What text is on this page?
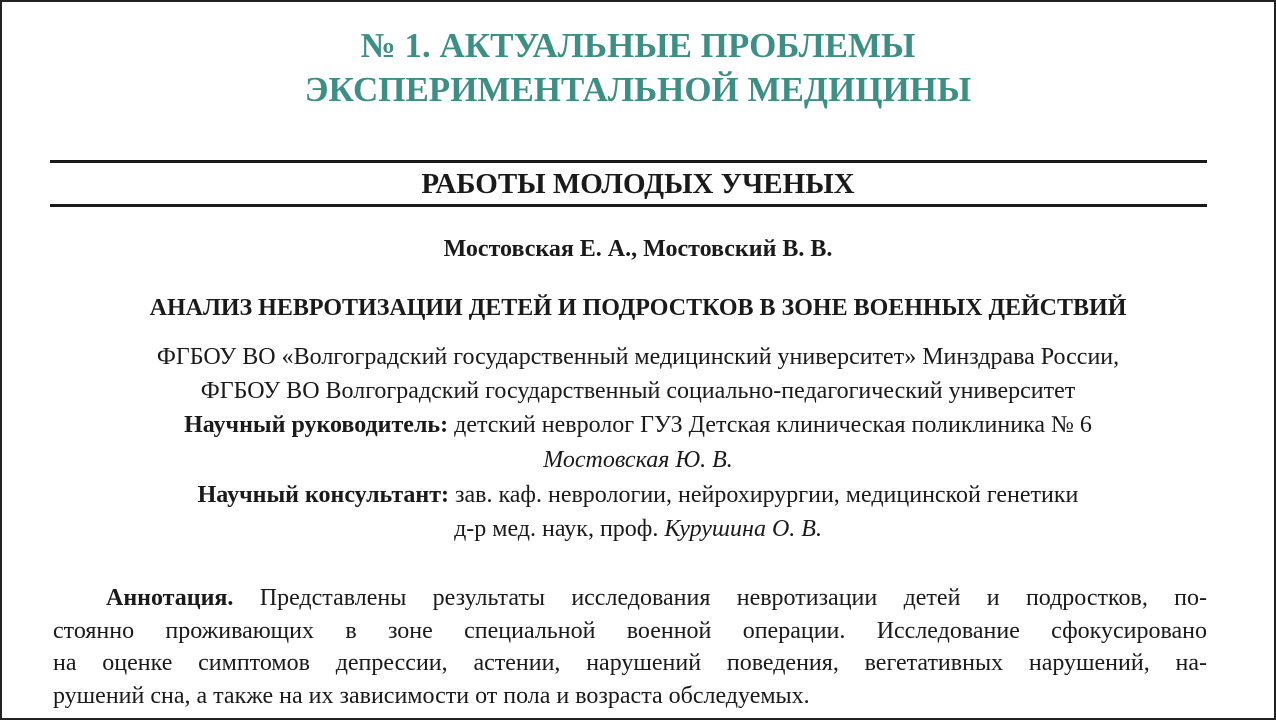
№ 1. АКТУАЛЬНЫЕ ПРОБЛЕМЫ
ЭКСПЕРИМЕНТАЛЬНОЙ МЕДИЦИНЫ
РАБОТЫ МОЛОДЫХ УЧЕНЫХ
Мостовская Е. А., Мостовский В. В.
АНАЛИЗ НЕВРОТИЗАЦИИ ДЕТЕЙ И ПОДРОСТКОВ В ЗОНЕ ВОЕННЫХ ДЕЙСТВИЙ
ФГБОУ ВО «Волгоградский государственный медицинский университет» Минздрава России,
ФГБОУ ВО Волгоградский государственный социально-педагогический университет
Научный руководитель: детский невролог ГУЗ Детская клиническая поликлиника № 6
Мостовская Ю. В.
Научный консультант: зав. каф. неврологии, нейрохирургии, медицинской генетики
д-р мед. наук, проф. Курушина О. В.
Аннотация. Представлены результаты исследования невротизации детей и подростков, по-
стоянно проживающих в зоне специальной военной операции. Исследование сфокусировано
на оценке симптомов депрессии, астении, нарушений поведения, вегетативных нарушений, на-
рушений сна, а также на их зависимости от пола и возраста обследуемых.
